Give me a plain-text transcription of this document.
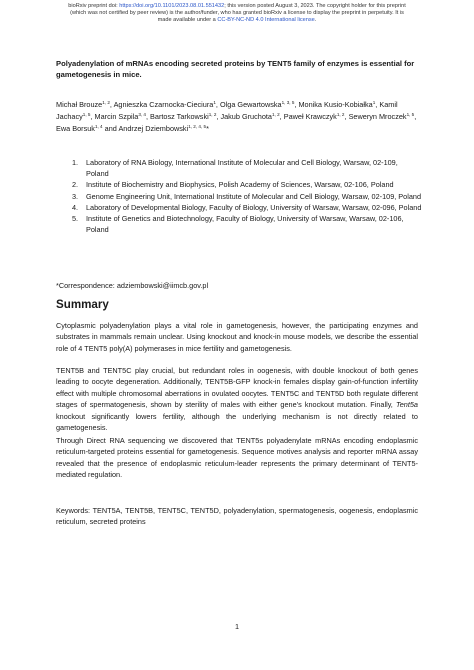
bioRxiv preprint doi: https://doi.org/10.1101/2023.08.01.551432; this version posted August 3, 2023. The copyright holder for this preprint
(which was not certified by peer review) is the author/funder, who has granted bioRxiv a license to display the preprint in perpetuity. It is
made available under a CC-BY-NC-ND 4.0 International license.
Polyadenylation of mRNAs encoding secreted proteins by TENT5 family of enzymes is essential for gametogenesis in mice.
Michał Brouze$^{1, 2}$, Agnieszka Czarnocka-Cieciura$^1$, Olga Gewartowska$^{1, 3, 5}$, Monika Kusio-Kobiałka$^1$, Kamil Jachacy$^{1, 5}$, Marcin Szpila$^{3, 4}$, Bartosz Tarkowski$^{1, 2}$, Jakub Gruchota$^{1, 2}$, Paweł Krawczyk$^{1, 2}$, Seweryn Mroczek$^{1, 5}$, Ewa Borsuk$^{1, 4}$ and Andrzej Dziembowski$^{1, 2, 4, 5}$*
1. Laboratory of RNA Biology, International Institute of Molecular and Cell Biology, Warsaw, 02-109, Poland
2. Institute of Biochemistry and Biophysics, Polish Academy of Sciences, Warsaw, 02-106, Poland
3. Genome Engineering Unit, International Institute of Molecular and Cell Biology, Warsaw, 02-109, Poland
4. Laboratory of Developmental Biology, Faculty of Biology, University of Warsaw, Warsaw, 02-096, Poland
5. Institute of Genetics and Biotechnology, Faculty of Biology, University of Warsaw, Warsaw, 02-106, Poland
*Correspondence: adziembowski@iimcb.gov.pl
Summary

Cytoplasmic polyadenylation plays a vital role in gametogenesis, however, the participating enzymes and substrates in mammals remain unclear. Using knockout and knock-in mouse models, we describe the essential role of 4 TENT5 poly(A) polymerases in mice fertility and gametogenesis.

TENT5B and TENT5C play crucial, but redundant roles in oogenesis, with double knockout of both genes leading to oocyte degeneration. Additionally, TENT5B-GFP knock-in females display gain-of-function infertility effect with multiple chromosomal aberrations in ovulated oocytes. TENT5C and TENT5D both regulate different stages of spermatogenesis, shown by sterility of males with either gene’s knockout mutation. Finally, Tent5a knockout significantly lowers fertility, although the underlying mechanism is not directly related to gametogenesis.

Through Direct RNA sequencing we discovered that TENT5s polyadenylate mRNAs encoding endoplasmic reticulum-targeted proteins essential for gametogenesis. Sequence motives analysis and reporter mRNA assay revealed that the presence of endoplasmic reticulum-leader represents the primary determinant of TENT5-mediated regulation.

Keywords: TENT5A, TENT5B, TENT5C, TENT5D, polyadenylation, spermatogenesis, oogenesis, endoplasmic reticulum, secreted proteins

1
